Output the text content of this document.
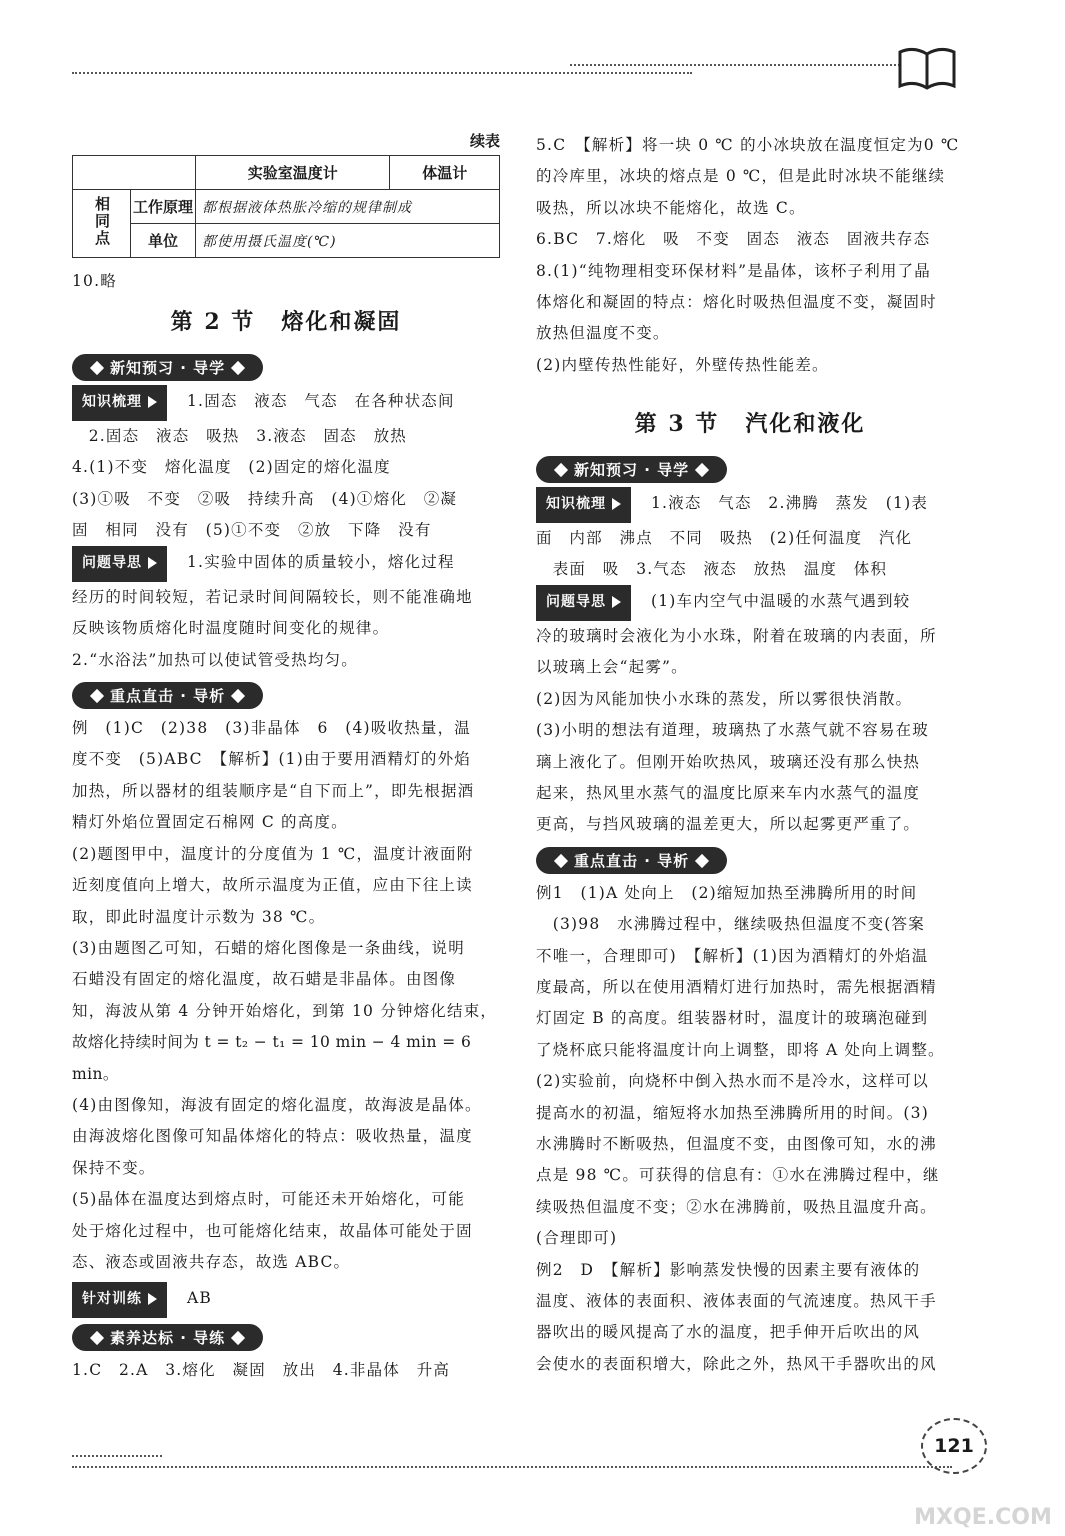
续表
		实验室温度计	体温计
相同点	工作原理	都根据液体热胀冷缩的规律制成	
	单位	都使用摄氏温度(℃)	

10.略

第 2 节 熔化和凝固
新知预习 · 导学

知识梳理	1.固态　液态　气态　在各种状态间

　2.固态　液态　吸热　3.液态　固态　放热

4.(1)不变　熔化温度　(2)固定的熔化温度

(3)①吸　不变　②吸　持续升高　(4)①熔化　②凝

固　相同　没有　(5)①不变　②放　下降　没有

问题导思	1.实验中固体的质量较小，熔化过程

经历的时间较短，若记录时间间隔较长，则不能准确地

反映该物质熔化时温度随时间变化的规律。

2.“水浴法”加热可以使试管受热均匀。

重点直击 · 导析

例　(1)C　(2)38　(3)非晶体　6　(4)吸收热量，温

度不变　(5)ABC　【解析】(1)由于要用酒精灯的外焰

加热，所以器材的组装顺序是“自下而上”，即先根据酒

精灯外焰位置固定石棉网 C 的高度。

(2)题图甲中，温度计的分度值为 1 ℃，温度计液面附

近刻度值向上增大，故所示温度为正值，应由下往上读

取，即此时温度计示数为 38 ℃。

(3)由题图乙可知，石蜡的熔化图像是一条曲线，说明

石蜡没有固定的熔化温度，故石蜡是非晶体。由图像

知，海波从第 4 分钟开始熔化，到第 10 分钟熔化结束，

故熔化持续时间为 t = t₂ − t₁ = 10 min − 4 min = 6 min。

(4)由图像知，海波有固定的熔化温度，故海波是晶体。

由海波熔化图像可知晶体熔化的特点：吸收热量，温度

保持不变。

(5)晶体在温度达到熔点时，可能还未开始熔化，可能

处于熔化过程中，也可能熔化结束，故晶体可能处于固

态、液态或固液共存态，故选 ABC。

针对训练	AB

素养达标 · 导练

1.C　2.A　3.熔化　凝固　放出　4.非晶体　升高

5.C　【解析】将一块 0 ℃ 的小冰块放在温度恒定为0 ℃

的冷库里，冰块的熔点是 0 ℃，但是此时冰块不能继续

吸热，所以冰块不能熔化，故选 C。

6.BC　7.熔化　吸　不变　固态　液态　固液共存态

8.(1)“纯物理相变环保材料”是晶体，该杯子利用了晶

体熔化和凝固的特点：熔化时吸热但温度不变，凝固时

放热但温度不变。

(2)内壁传热性能好，外壁传热性能差。

第 3 节 汽化和液化
新知预习 · 导学

知识梳理	1.液态　气态　2.沸腾　蒸发　(1)表

面　内部　沸点　不同　吸热　(2)任何温度　汽化

　表面　吸　3.气态　液态　放热　温度　体积

问题导思	(1)车内空气中温暖的水蒸气遇到较

冷的玻璃时会液化为小水珠，附着在玻璃的内表面，所

以玻璃上会“起雾”。

(2)因为风能加快小水珠的蒸发，所以雾很快消散。

(3)小明的想法有道理，玻璃热了水蒸气就不容易在玻

璃上液化了。但刚开始吹热风，玻璃还没有那么快热

起来，热风里水蒸气的温度比原来车内水蒸气的温度

更高，与挡风玻璃的温差更大，所以起雾更严重了。

重点直击 · 导析

例1　(1)A 处向上　(2)缩短加热至沸腾所用的时间

　(3)98　水沸腾过程中，继续吸热但温度不变(答案

不唯一，合理即可)　【解析】(1)因为酒精灯的外焰温

度最高，所以在使用酒精灯进行加热时，需先根据酒精

灯固定 B 的高度。组装器材时，温度计的玻璃泡碰到

了烧杯底只能将温度计向上调整，即将 A 处向上调整。

(2)实验前，向烧杯中倒入热水而不是冷水，这样可以

提高水的初温，缩短将水加热至沸腾所用的时间。(3)

水沸腾时不断吸热，但温度不变，由图像可知，水的沸

点是 98 ℃。可获得的信息有：①水在沸腾过程中，继

续吸热但温度不变；②水在沸腾前，吸热且温度升高。

(合理即可)

例2　D　【解析】影响蒸发快慢的因素主要有液体的

温度、液体的表面积、液体表面的气流速度。热风干手

器吹出的暖风提高了水的温度，把手伸开后吹出的风

会使水的表面积增大，除此之外，热风干手器吹出的风

121
MXQE.COM
